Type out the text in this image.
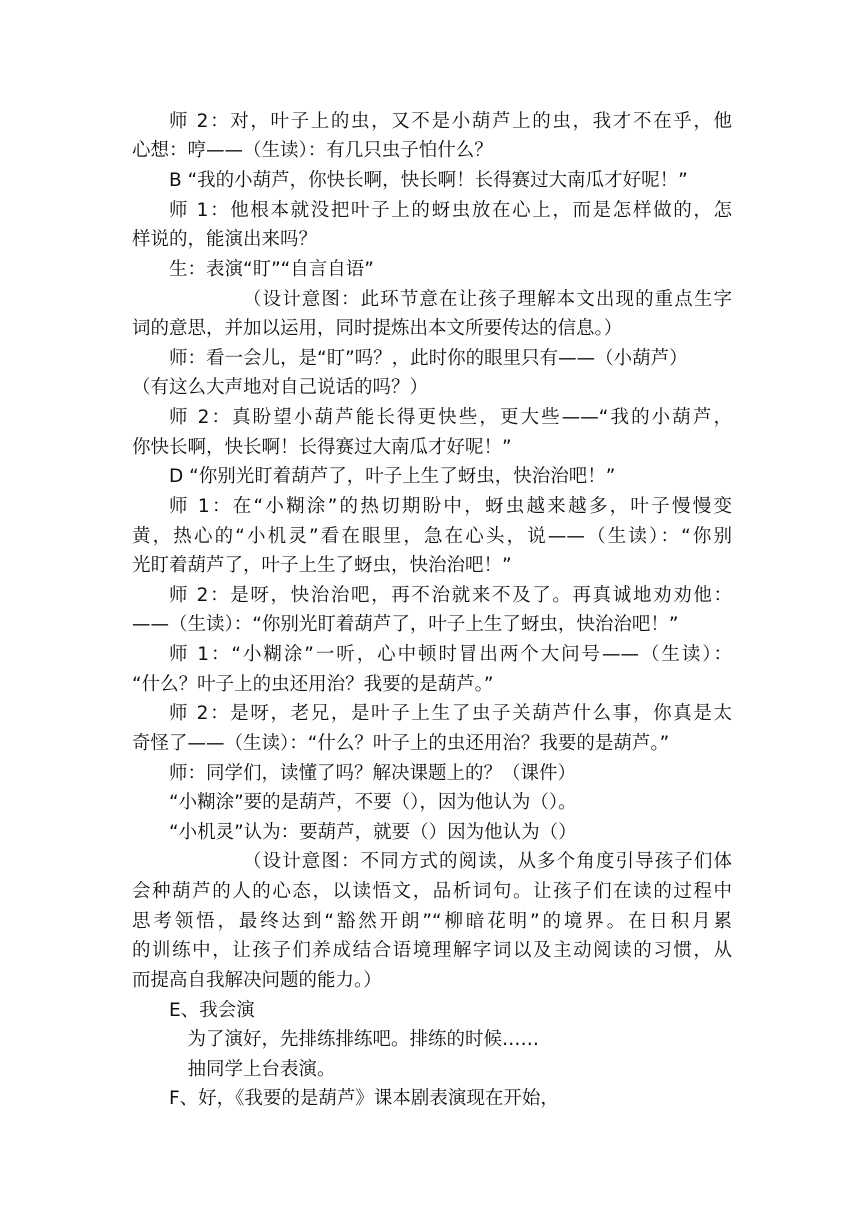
师 2：对，叶子上的虫，又不是小葫芦上的虫，我才不在乎，他
心想：哼——（生读）：有几只虫子怕什么？
B “我的小葫芦，你快长啊，快长啊！长得赛过大南瓜才好呢！”
师 1：他根本就没把叶子上的蚜虫放在心上，而是怎样做的，怎
样说的，能演出来吗？
生：表演“盯”“自言自语”
（设计意图：此环节意在让孩子理解本文出现的重点生字
词的意思，并加以运用，同时提炼出本文所要传达的信息。）
师：看一会儿，是“盯”吗？，此时你的眼里只有——（小葫芦）
（有这么大声地对自己说话的吗？）
师 2：真盼望小葫芦能长得更快些，更大些——“我的小葫芦，
你快长啊，快长啊！长得赛过大南瓜才好呢！”
D “你别光盯着葫芦了，叶子上生了蚜虫，快治治吧！”
师 1：在“小糊涂”的热切期盼中，蚜虫越来越多，叶子慢慢变
黄，热心的“小机灵”看在眼里，急在心头，说——（生读）：“你别
光盯着葫芦了，叶子上生了蚜虫，快治治吧！”
师 2：是呀，快治治吧，再不治就来不及了。再真诚地劝劝他：
——（生读）：“你别光盯着葫芦了，叶子上生了蚜虫，快治治吧！”
师 1：“小糊涂”一听，心中顿时冒出两个大问号——（生读）：
“什么？叶子上的虫还用治？我要的是葫芦。”
师 2：是呀，老兄，是叶子上生了虫子关葫芦什么事，你真是太
奇怪了——（生读）：“什么？叶子上的虫还用治？我要的是葫芦。”
师：同学们，读懂了吗？解决课题上的？（课件）
“小糊涂”要的是葫芦，不要（），因为他认为（）。
“小机灵”认为：要葫芦，就要（）因为他认为（）
（设计意图：不同方式的阅读，从多个角度引导孩子们体
会种葫芦的人的心态，以读悟文，品析词句。让孩子们在读的过程中
思考领悟，最终达到“豁然开朗”“柳暗花明”的境界。在日积月累
的训练中，让孩子们养成结合语境理解字词以及主动阅读的习惯，从
而提高自我解决问题的能力。）
E、我会演
为了演好，先排练排练吧。排练的时候……
抽同学上台表演。
F、好，《我要的是葫芦》课本剧表演现在开始，
